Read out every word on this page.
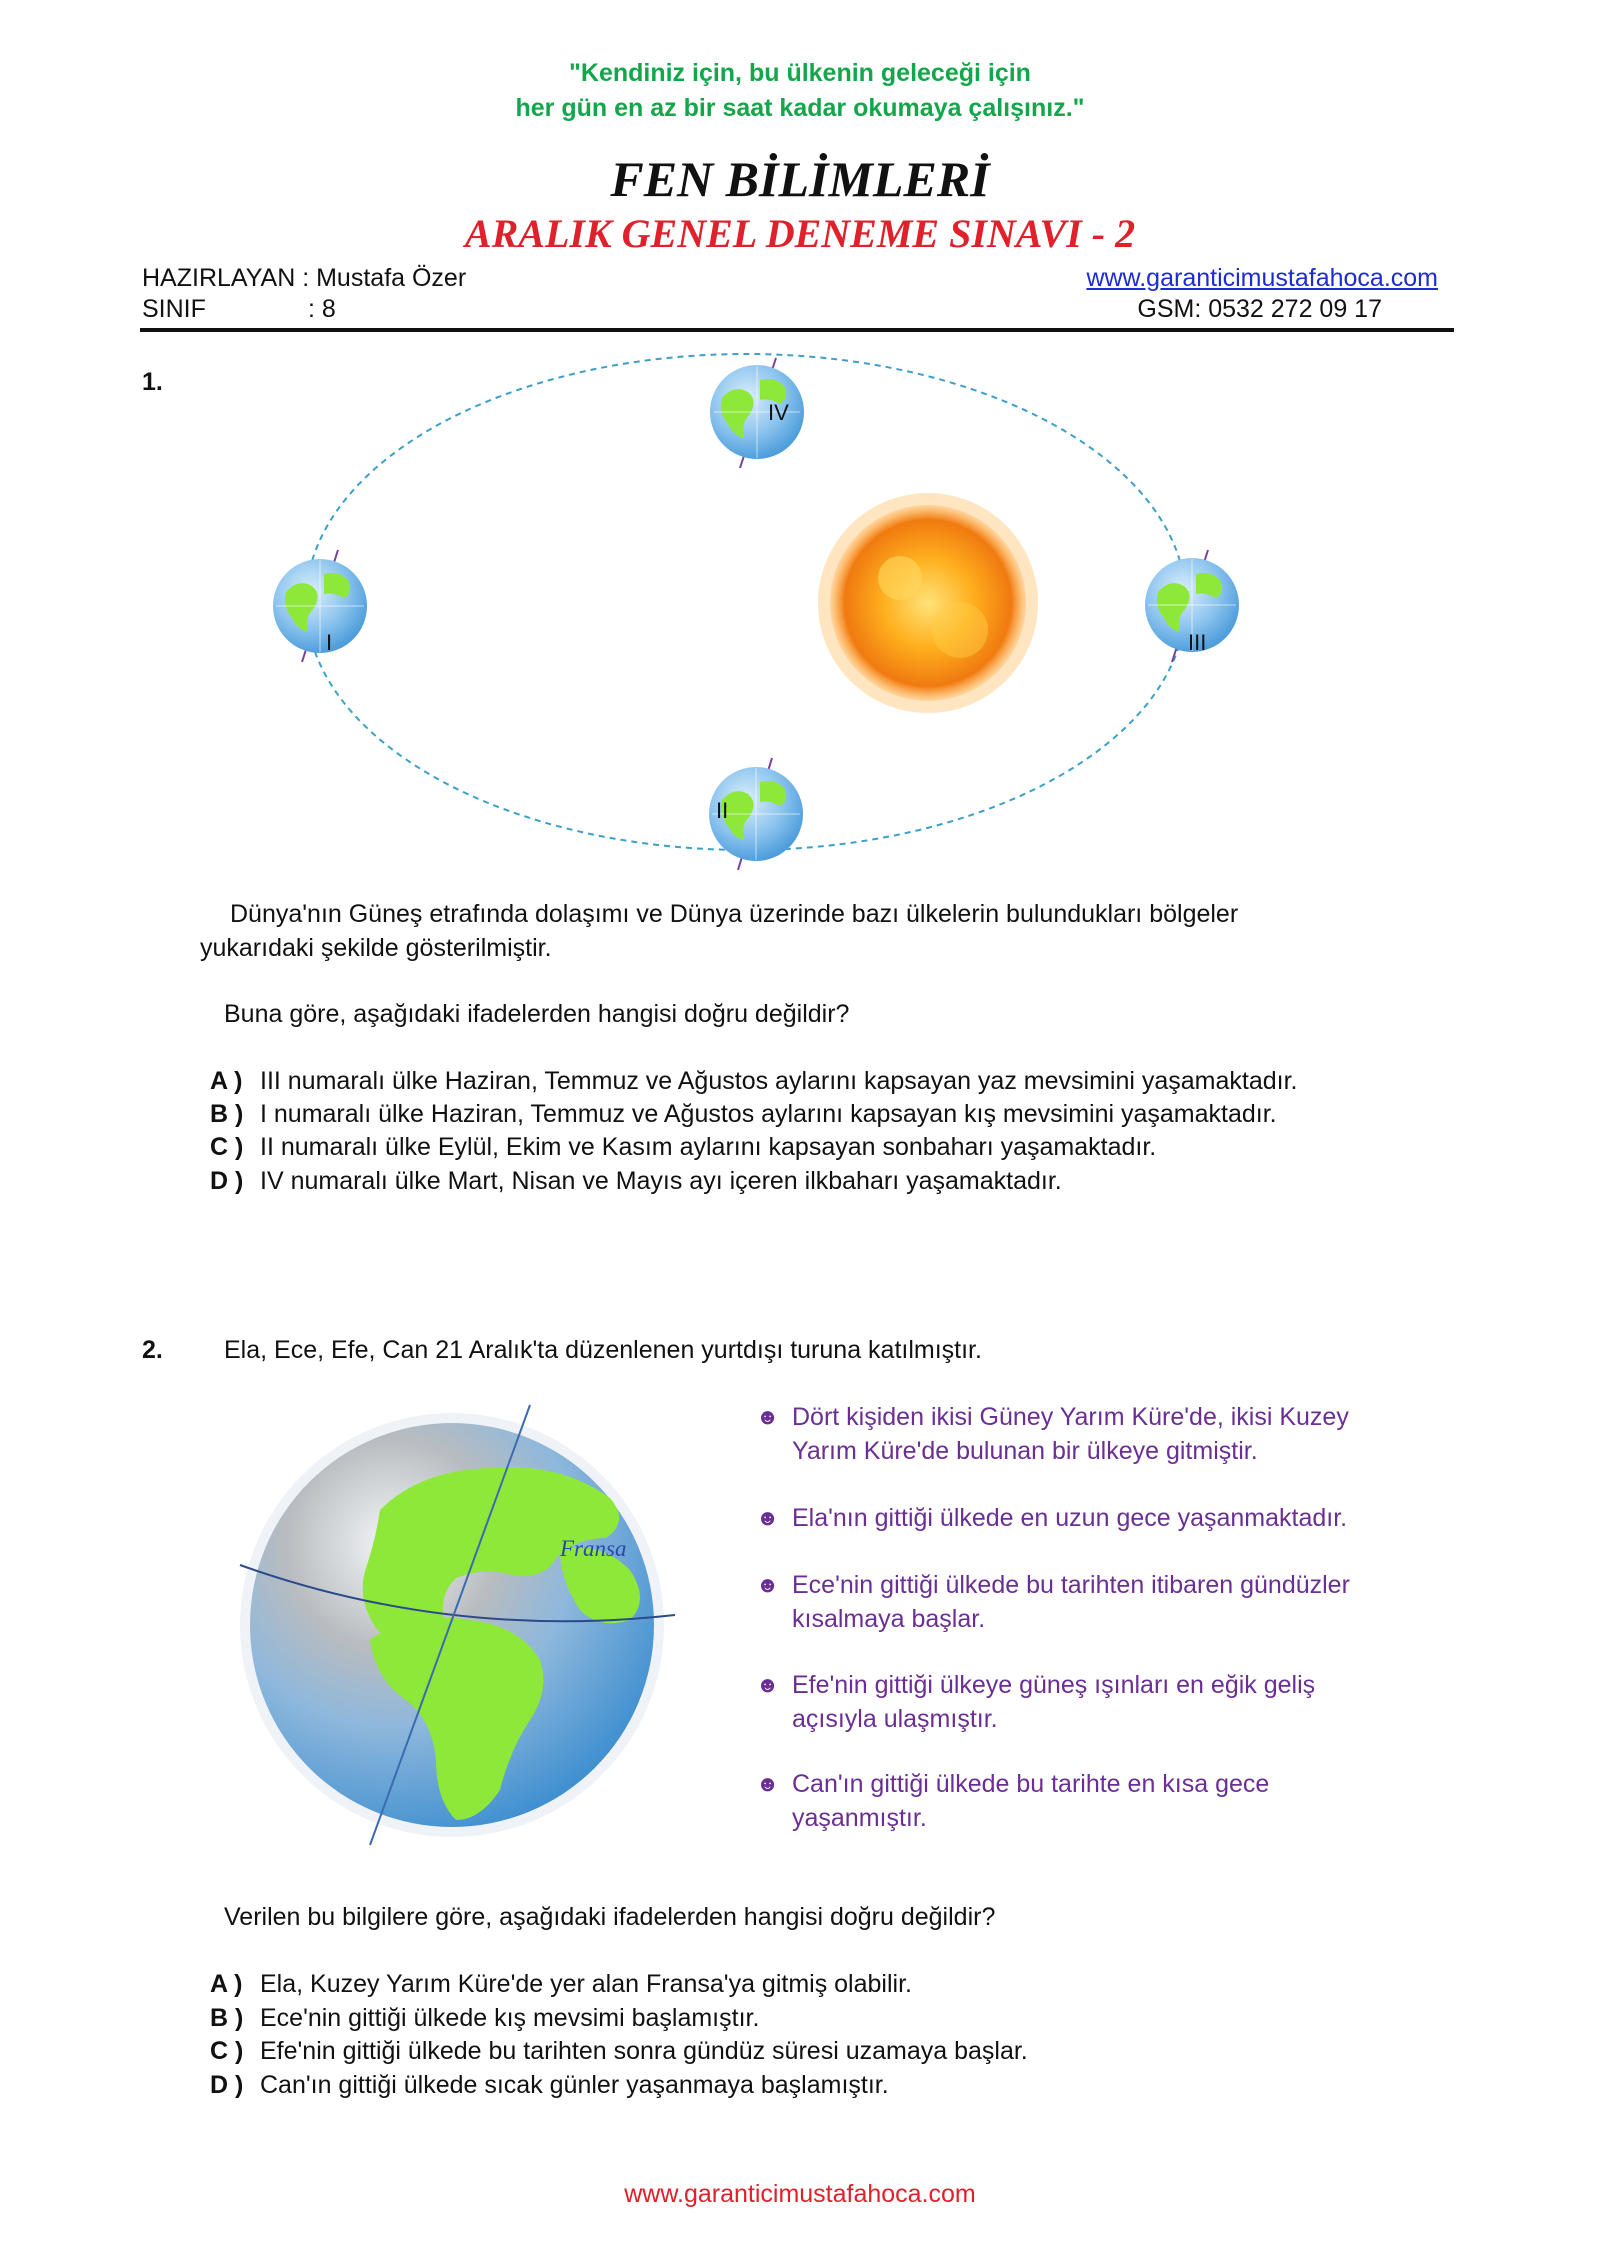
"Kendiniz için, bu ülkenin geleceği için
her gün en az bir saat kadar okumaya çalışınız."
FEN BİLİMLERİ
ARALIK GENEL DENEME SINAVI - 2
HAZIRLAYAN : Mustafa Özer
SINIF	: 8
www.garanticimustafahoca.com
GSM: 0532 272 09 17
1.
IV
I	III
II
Dünya'nın Güneş etrafında dolaşımı ve Dünya üzerinde bazı ülkelerin bulundukları bölgeler
yukarıdaki şekilde gösterilmiştir.
Buna göre, aşağıdaki ifadelerden hangisi doğru değildir?
A ) III numaralı ülke Haziran, Temmuz ve Ağustos aylarını kapsayan yaz mevsimini yaşamaktadır.
B ) I numaralı ülke Haziran, Temmuz ve Ağustos aylarını kapsayan kış mevsimini yaşamaktadır.
C ) II numaralı ülke Eylül, Ekim ve Kasım aylarını kapsayan sonbaharı yaşamaktadır.
D ) IV numaralı ülke Mart, Nisan ve Mayıs ayı içeren ilkbaharı yaşamaktadır.
2. Ela, Ece, Efe, Can 21 Aralık'ta düzenlenen yurtdışı turuna katılmıştır.
Fransa
☻ Dört kişiden ikisi Güney Yarım Küre'de, ikisi Kuzey
Yarım Küre'de bulunan bir ülkeye gitmiştir.
☻ Ela'nın gittiği ülkede en uzun gece yaşanmaktadır.
☻ Ece'nin gittiği ülkede bu tarihten itibaren gündüzler
kısalmaya başlar.
☻ Efe'nin gittiği ülkeye güneş ışınları en eğik geliş
açısıyla ulaşmıştır.
☻ Can'ın gittiği ülkede bu tarihte en kısa gece
yaşanmıştır.
Verilen bu bilgilere göre, aşağıdaki ifadelerden hangisi doğru değildir?
A ) Ela, Kuzey Yarım Küre'de yer alan Fransa'ya gitmiş olabilir.
B ) Ece'nin gittiği ülkede kış mevsimi başlamıştır.
C ) Efe'nin gittiği ülkede bu tarihten sonra gündüz süresi uzamaya başlar.
D ) Can'ın gittiği ülkede sıcak günler yaşanmaya başlamıştır.
www.garanticimustafahoca.com
